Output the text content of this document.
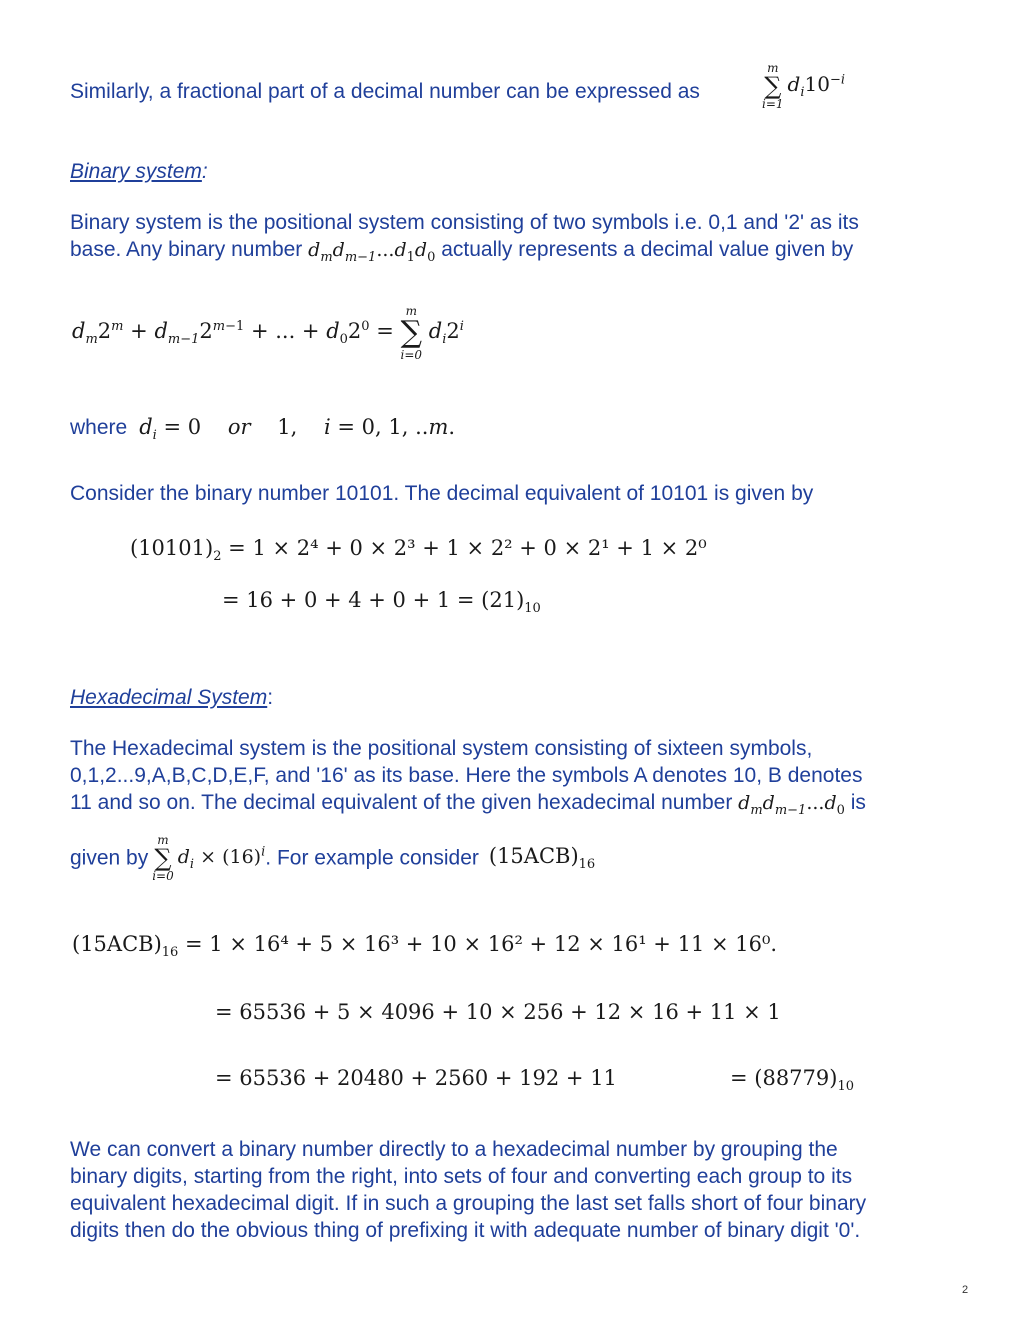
Similarly, a fractional part of a decimal number can be expressed as
m
∑
i=1
$d_i10^{-i}$
Binary system:
Binary system is the positional system consisting of two symbols i.e. 0,1 and '2' as its
base. Any binary number $d_md_{m-1}...d_1d_0$ actually represents a decimal value given by
$d_m2^m + d_{m-1}2^{m-1}$ + ... + $d_02^0$ =
m
∑
i=0
$d_i2^i$
where $d_i = 0$    or    1,    i = 0, 1, ..m.
Consider the binary number 10101. The decimal equivalent of 10101 is given by
$(10101)_2 = 1 \times 2^4 + 0 \times 2^3 + 1 \times 2^2 + 0 \times 2^1 + 1 \times 2^0$
= $16 + 0 + 4 + 0 + 1 = (21)_{10}$
Hexadecimal System:
The Hexadecimal system is the positional system consisting of sixteen symbols,
0,1,2...9,A,B,C,D,E,F, and '16' as its base. Here the symbols A denotes 10, B denotes
11 and so on. The decimal equivalent of the given hexadecimal number $d_md_{m-1}...d_0$ is
given by
m
∑
i=0
$d_i \times (16)^i$. For example consider $(15ACB)_{16}$
$(15ACB)_{16} = 1 \times 16^4 + 5 \times 16^3 + 10 \times 16^2 + 12 \times 16^1 + 11 \times 16^0$.
= 65536 + 5 × 4096 + 10 × 256 + 12 × 16 + 11 × 1
= 65536 + 20480 + 2560 + 192 + 11	= $(88779)_{10}$
We can convert a binary number directly to a hexadecimal number by grouping the
binary digits, starting from the right, into sets of four and converting each group to its
equivalent hexadecimal digit. If in such a grouping the last set falls short of four binary
digits then do the obvious thing of prefixing it with adequate number of binary digit '0'.
2
